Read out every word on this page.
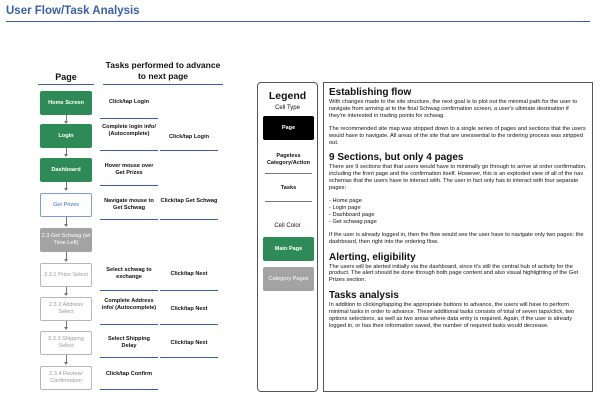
User Flow/Task Analysis
Page
Tasks performed to advance to next page
Home Screen
Login
Dashboard
Get Prizes
2.3 Get Schwag (w/ Time Left)
2.3.1 Prize Select
2.3.2 Address Select
2.3.3 Shipping Select
2.3.4 Review/ Confirmation
Click/tap Login
Complete login info/ (Autocomplete)
Hover mouse over Get Prizes
Navigate mouse to Get Schwag
Select schwag to exchange
Complete Address info/ (Autocomplete)
Select Shipping Delay
Click/tap Confirm
Click/tap Login
Click/tap Get Schwag
Click/tap Next
Click/tap Next
Click/tap Next
Legend
Cell Type
Page
Pageless Category/Action
Tasks
Cell Color
Main Page
Category Pages
Establishing flow

With changes made to the site structure, the next goal is to plot out the minimal path for the user to navigate from arriving at to the final Schwag confirmation screen, a user's ultimate destination if they're interested in trading points for schwag.

The recommended site map was stripped down to a single series of pages and sections that the users would have to navigate. All areas of the site that are unessential to the ordering process was stripped out.

9 Sections, but only 4 pages

There are 9 sections that that users would have to minimally go through to arrive at order confirmation, including the front page and the confirmation itself. However, this is an exploded view of all of the nav schemas that the users have to interact with. The user in fact only has to interact with four separate pages:

- Home page
- Login page
- Dashboard page
- Get schwag page

If the user is already logged in, then the flow would see the user have to navigate only two pages: the dashboard, then right into the ordering flow.

Alerting, eligibility

The users will be alerted initially via the dashboard, since it's still the central hub of activity for the product. The alert should be done through both page content and also visual highlighting of the Get Prizes section.

Tasks analysis

In addition to clicking/tapping the appropriate buttons to advance, the users will have to perform minimal tasks in order to advance. These additional tasks consists of total of seven taps/click, two options selections, as well as two areas where data entry is required. Again, if the user is already logged in, or has their information saved, the number of required tasks would decrease.
